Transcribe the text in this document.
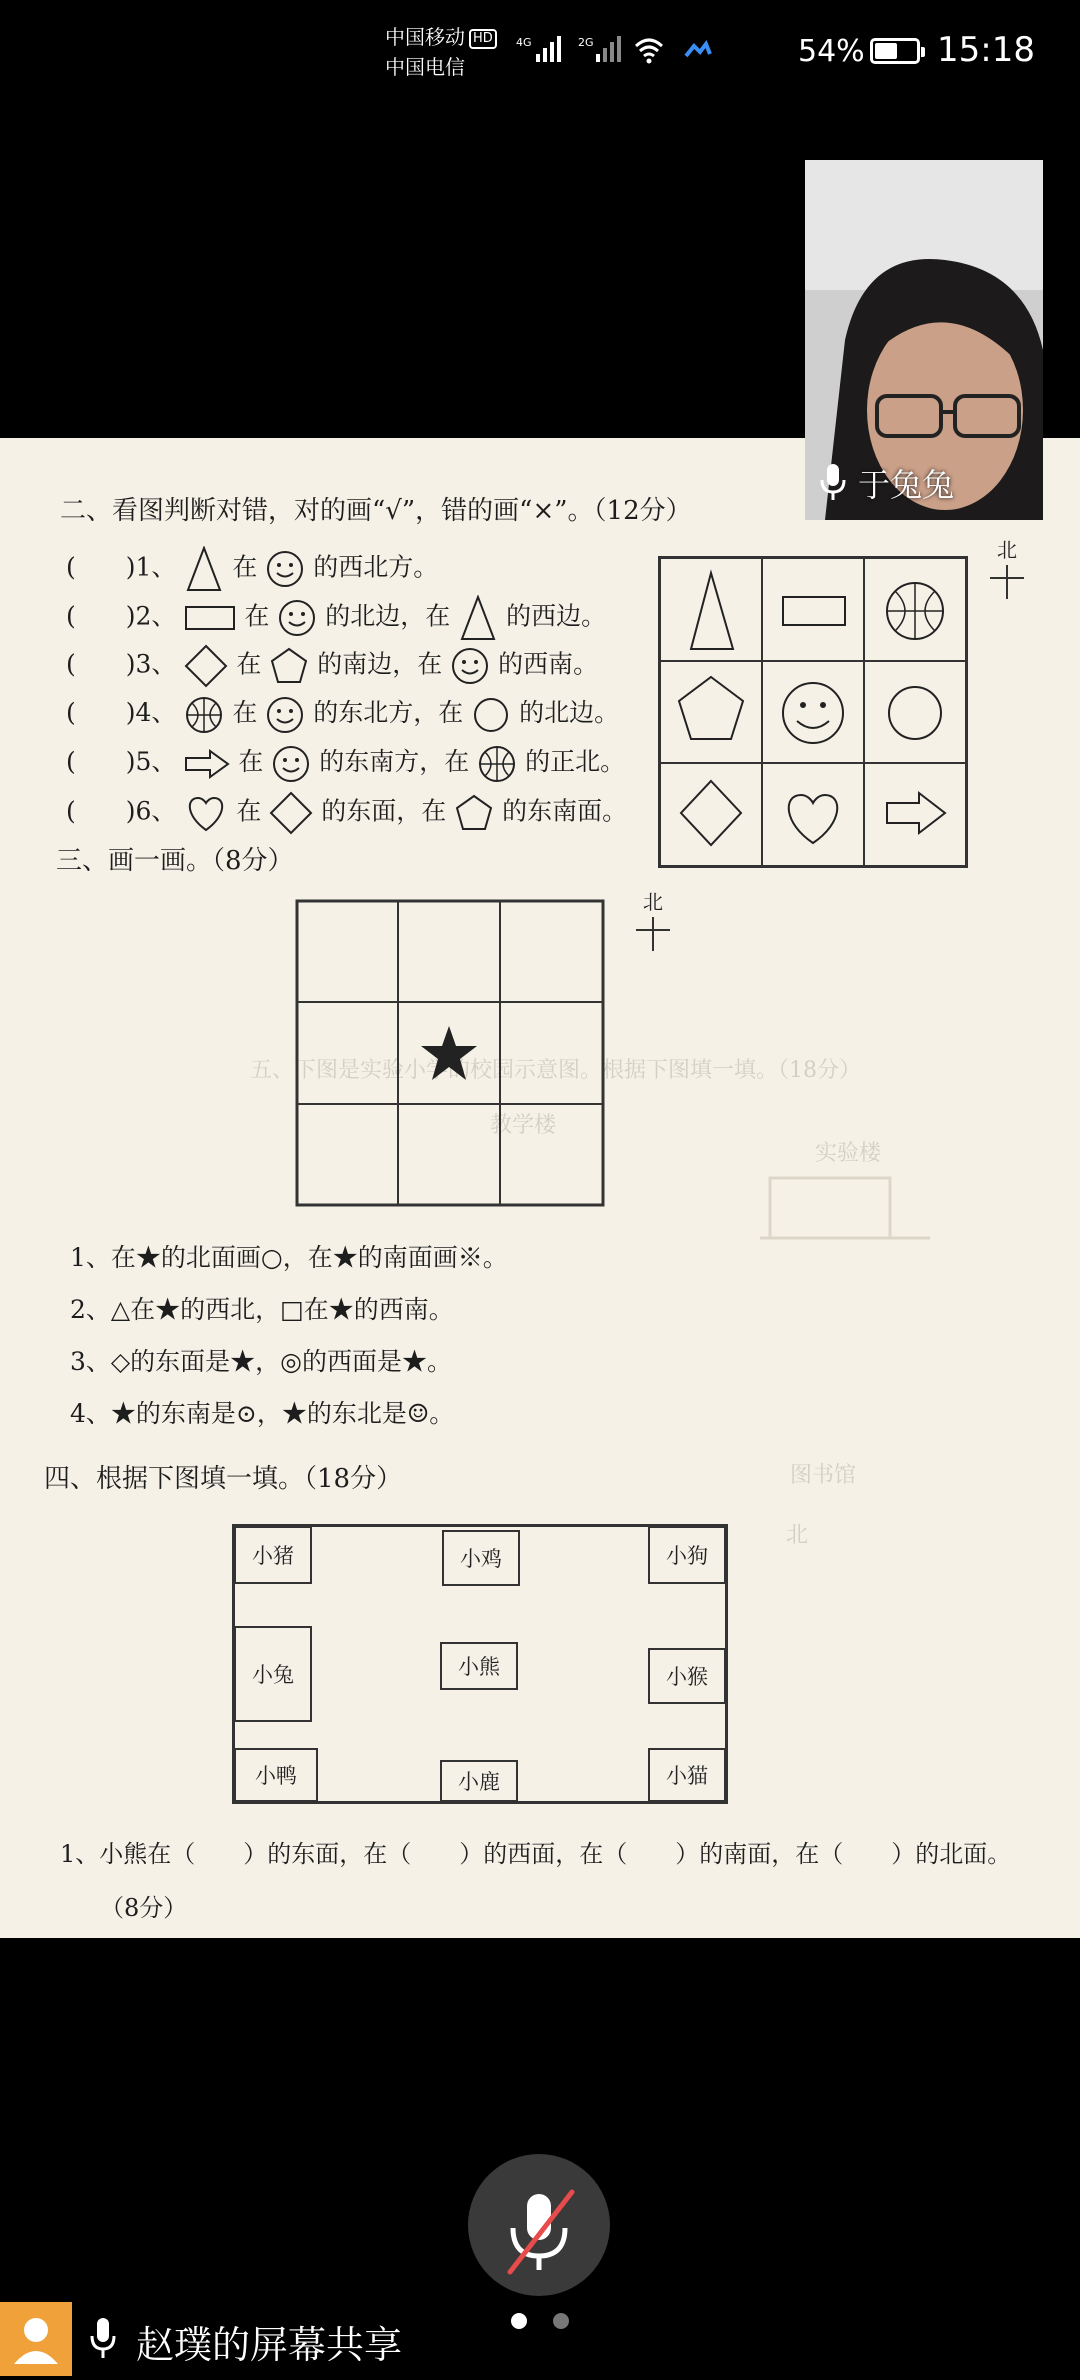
中国移动 HD
中国电信
4G	2G	54% 15:18
五、下图是实验小学的校园示意图。根据下图填一填。（18分）
实验楼
图书馆
教学楼
北
二、看图判断对错，对的画“√”，错的画“×”。（12分）
(　　)1、 在 的西北方。
(　　)2、	在 的北边，在 的西边。
(　　)3、 在 的南边，在 的西南。
(　　)4、 在 的东北方，在 的北边。
(　　)5、 在 的东南方，在 的正北。
(　　)6、 在 的东面，在 的东南面。
北
三、画一画。（8分）
北
1、在★的北面画○，在★的南面画※。
2、△在★的西北，□在★的西南。
3、◇的东面是★，◎的西面是★。
4、★的东南是⊙，★的东北是☺。
四、根据下图填一填。（18分）
小猪	小鸡	小狗
小兔	小熊	小猴
小鸭	小鹿	小猫
1、小熊在（　　）的东面，在（　　）的西面，在（　　）的南面，在（　　）的北面。
（8分）
于兔兔
赵璞的屏幕共享
